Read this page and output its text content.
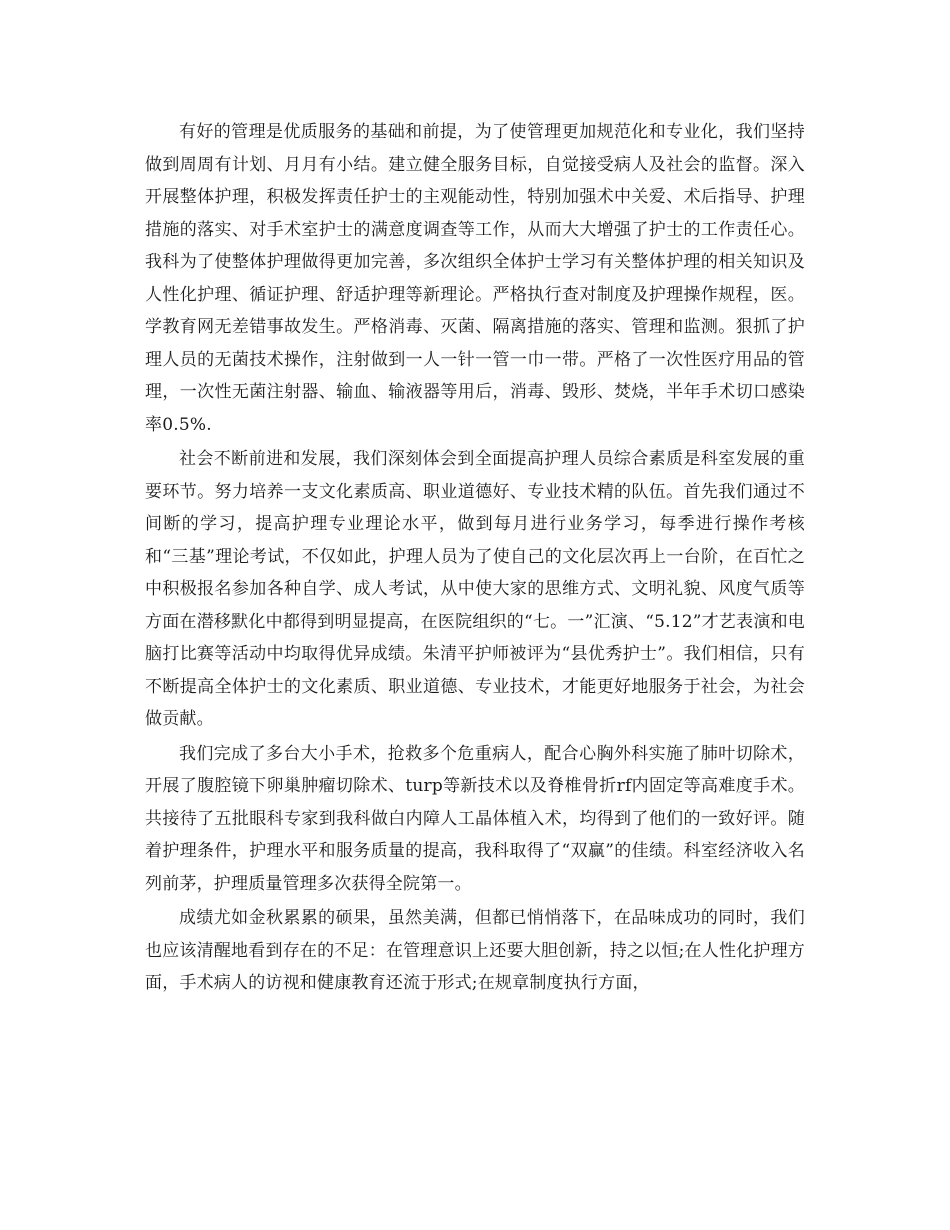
有好的管理是优质服务的基础和前提，为了使管理更加规范化和专业化，我们坚持做到周周有计划、月月有小结。建立健全服务目标，自觉接受病人及社会的监督。深入开展整体护理，积极发挥责任护士的主观能动性，特别加强术中关爱、术后指导、护理措施的落实、对手术室护士的满意度调查等工作，从而大大增强了护士的工作责任心。我科为了使整体护理做得更加完善，多次组织全体护士学习有关整体护理的相关知识及人性化护理、循证护理、舒适护理等新理论。严格执行查对制度及护理操作规程，医。学教育网无差错事故发生。严格消毒、灭菌、隔离措施的落实、管理和监测。狠抓了护理人员的无菌技术操作，注射做到一人一针一管一巾一带。严格了一次性医疗用品的管理，一次性无菌注射器、输血、输液器等用后，消毒、毁形、焚烧，半年手术切口感染率0.5%.

社会不断前进和发展，我们深刻体会到全面提高护理人员综合素质是科室发展的重要环节。努力培养一支文化素质高、职业道德好、专业技术精的队伍。首先我们通过不间断的学习，提高护理专业理论水平，做到每月进行业务学习，每季进行操作考核和“三基”理论考试，不仅如此，护理人员为了使自己的文化层次再上一台阶，在百忙之中积极报名参加各种自学、成人考试，从中使大家的思维方式、文明礼貌、风度气质等方面在潜移默化中都得到明显提高，在医院组织的“七。一”汇演、“5.12”才艺表演和电脑打比赛等活动中均取得优异成绩。朱清平护师被评为“县优秀护士”。我们相信，只有不断提高全体护士的文化素质、职业道德、专业技术，才能更好地服务于社会，为社会做贡献。

我们完成了多台大小手术，抢救多个危重病人，配合心胸外科实施了肺叶切除术，开展了腹腔镜下卵巢肿瘤切除术、turp等新技术以及脊椎骨折rf内固定等高难度手术。共接待了五批眼科专家到我科做白内障人工晶体植入术，均得到了他们的一致好评。随着护理条件，护理水平和服务质量的提高，我科取得了“双赢”的佳绩。科室经济收入名列前茅，护理质量管理多次获得全院第一。

成绩尤如金秋累累的硕果，虽然美满，但都已悄悄落下，在品味成功的同时，我们也应该清醒地看到存在的不足：在管理意识上还要大胆创新，持之以恒;在人性化护理方面，手术病人的访视和健康教育还流于形式;在规章制度执行方面，
